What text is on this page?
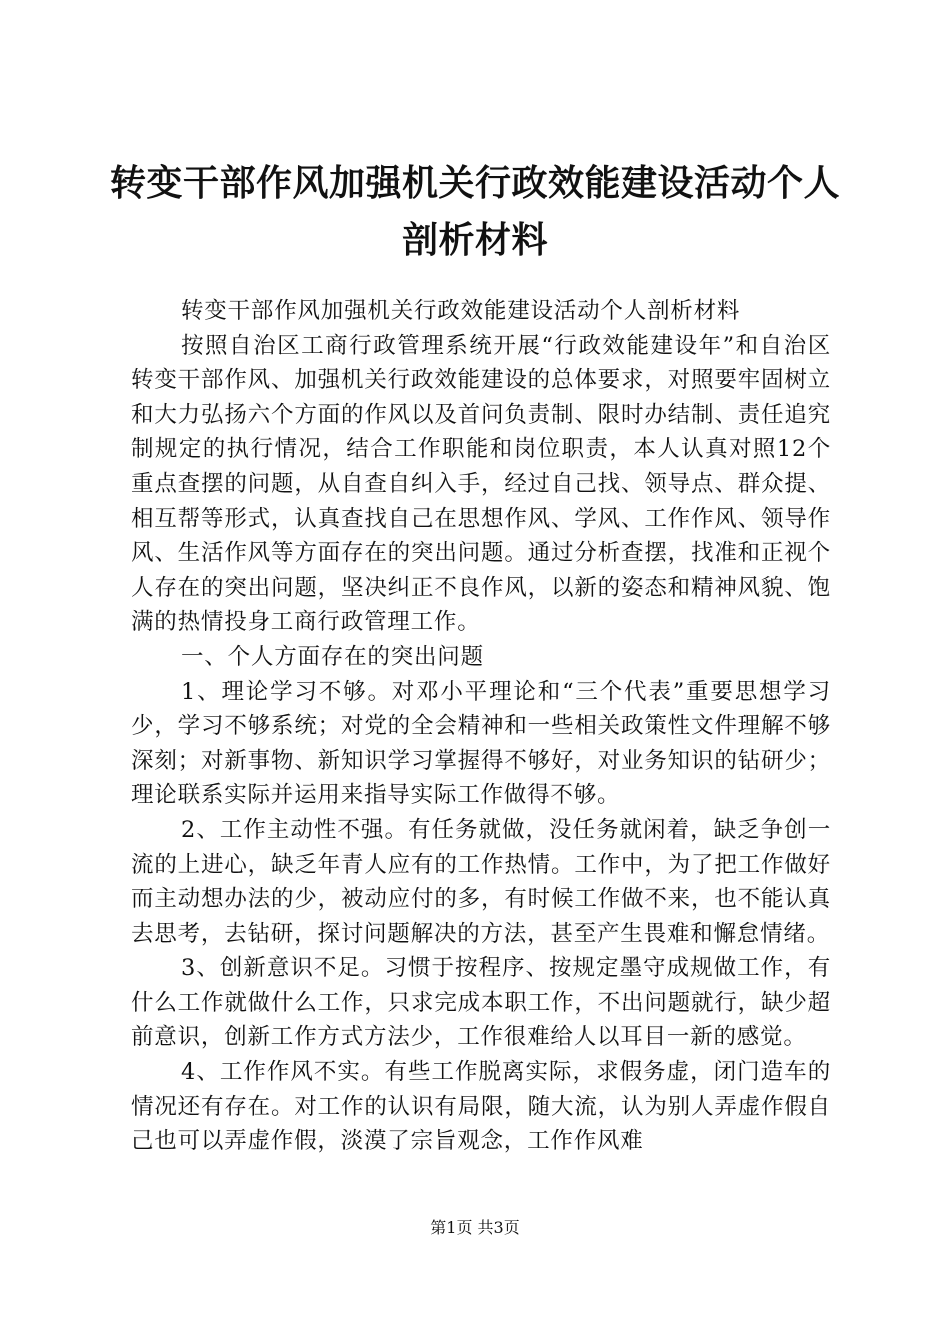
转变干部作风加强机关行政效能建设活动个人剖析材料

转变干部作风加强机关行政效能建设活动个人剖析材料

按照自治区工商行政管理系统开展“行政效能建设年”和自治区转变干部作风、加强机关行政效能建设的总体要求，对照要牢固树立和大力弘扬六个方面的作风以及首问负责制、限时办结制、责任追究制规定的执行情况，结合工作职能和岗位职责，本人认真对照12个重点查摆的问题，从自查自纠入手，经过自己找、领导点、群众提、相互帮等形式，认真查找自己在思想作风、学风、工作作风、领导作风、生活作风等方面存在的突出问题。通过分析查摆，找准和正视个人存在的突出问题，坚决纠正不良作风，以新的姿态和精神风貌、饱满的热情投身工商行政管理工作。

一、个人方面存在的突出问题

1、理论学习不够。对邓小平理论和“三个代表”重要思想学习少，学习不够系统；对党的全会精神和一些相关政策性文件理解不够深刻；对新事物、新知识学习掌握得不够好，对业务知识的钻研少；理论联系实际并运用来指导实际工作做得不够。

2、工作主动性不强。有任务就做，没任务就闲着，缺乏争创一流的上进心，缺乏年青人应有的工作热情。工作中，为了把工作做好而主动想办法的少，被动应付的多，有时候工作做不来，也不能认真去思考，去钻研，探讨问题解决的方法，甚至产生畏难和懈怠情绪。

3、创新意识不足。习惯于按程序、按规定墨守成规做工作，有什么工作就做什么工作，只求完成本职工作，不出问题就行，缺少超前意识，创新工作方式方法少，工作很难给人以耳目一新的感觉。

4、工作作风不实。有些工作脱离实际，求假务虚，闭门造车的情况还有存在。对工作的认识有局限，随大流，认为别人弄虚作假自己也可以弄虚作假，淡漠了宗旨观念，工作作风难

第1页 共3页
